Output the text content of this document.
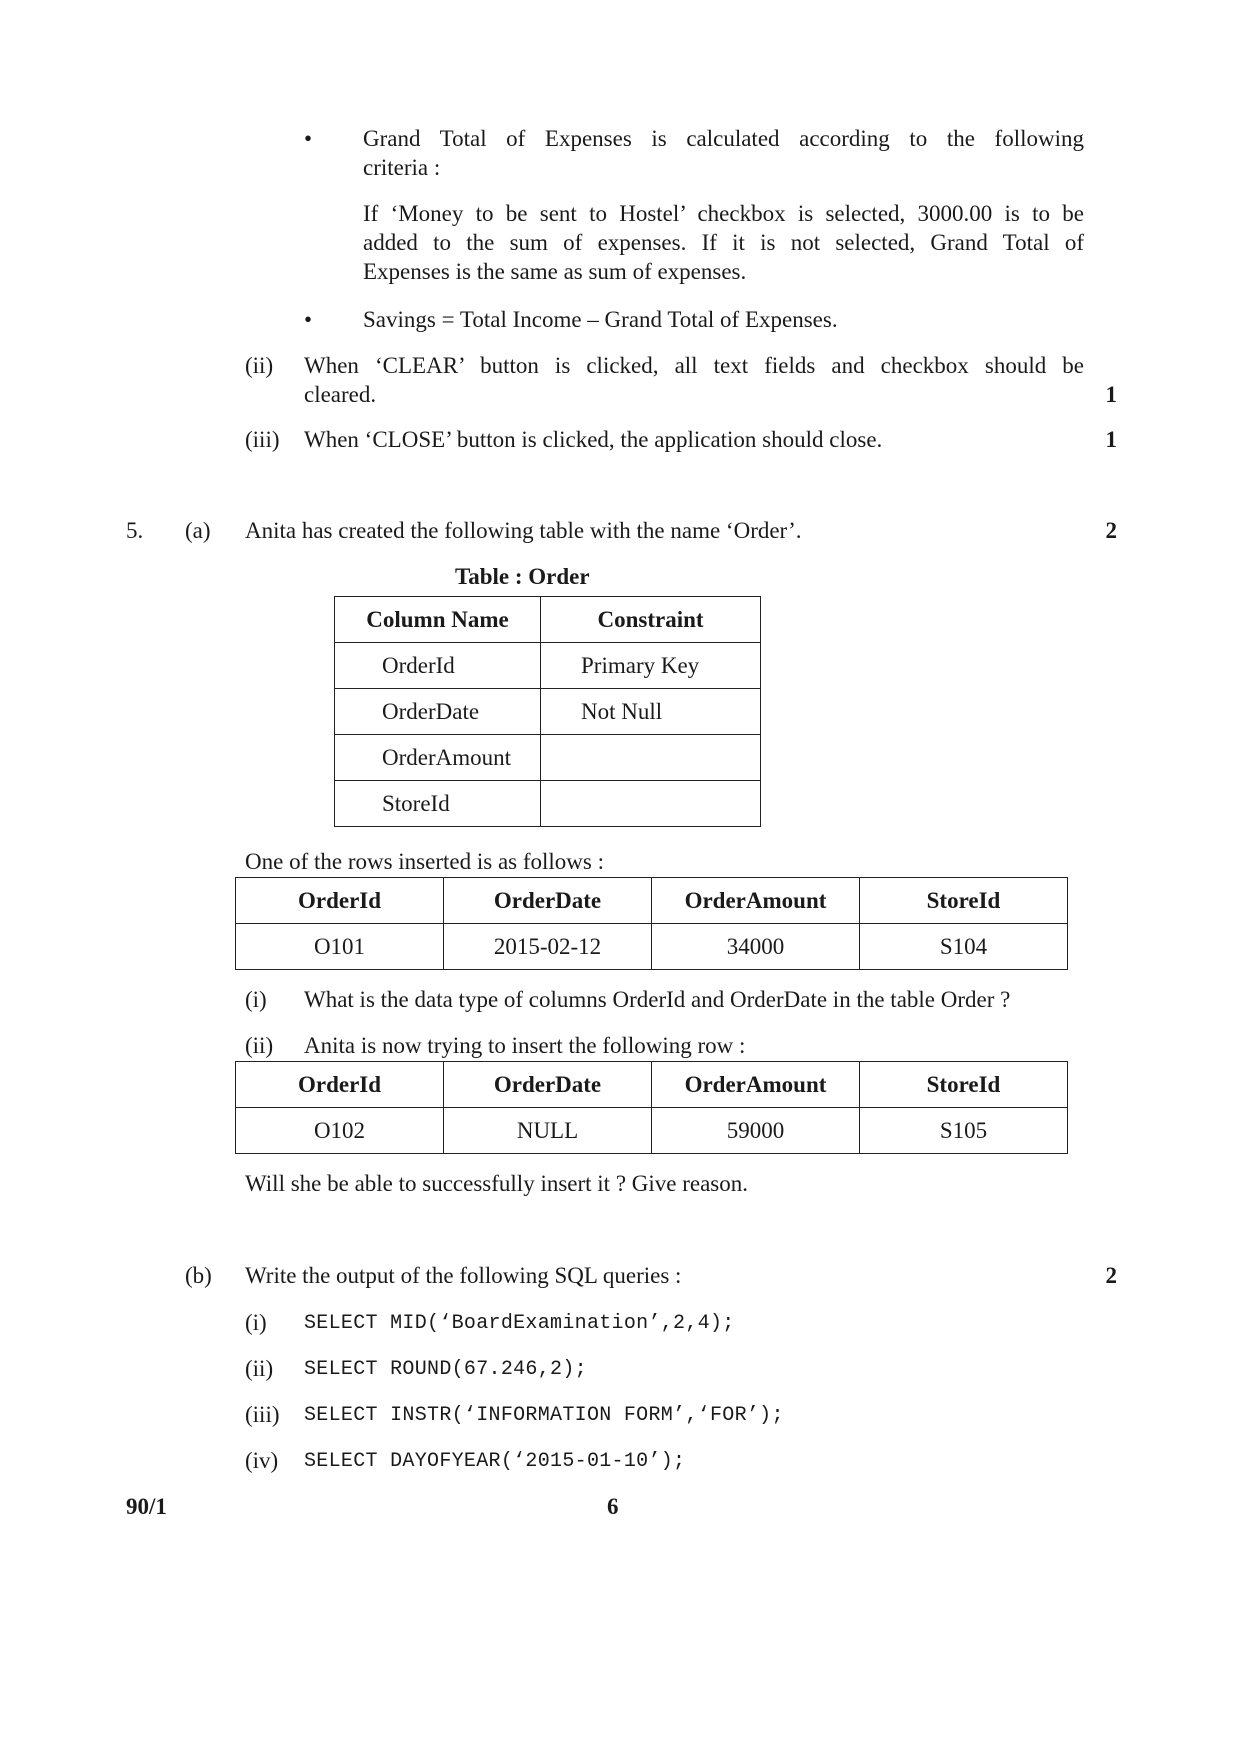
• Grand Total of Expenses is calculated according to the following
criteria :
If ‘Money to be sent to Hostel’ checkbox is selected, 3000.00 is to be
added to the sum of expenses. If it is not selected, Grand Total of
Expenses is the same as sum of expenses.
• Savings = Total Income – Grand Total of Expenses.
(ii) When ‘CLEAR’ button is clicked, all text fields and checkbox should be
cleared.	1
(iii) When ‘CLOSE’ button is clicked, the application should close.	1
5. (a) Anita has created the following table with the name ‘Order’.	2
Table : Order
Column Name	Constraint
OrderId	Primary Key
OrderDate	Not Null
OrderAmount	
StoreId	
One of the rows inserted is as follows :
OrderId	OrderDate	OrderAmount	StoreId
O101	2015-02-12	34000	S104
(i) What is the data type of columns OrderId and OrderDate in the table Order ?
(ii) Anita is now trying to insert the following row :
OrderId	OrderDate	OrderAmount	StoreId
O102	NULL	59000	S105
Will she be able to successfully insert it ? Give reason.
(b) Write the output of the following SQL queries :	2
(i) SELECT MID(‘BoardExamination’,2,4);
(ii) SELECT ROUND(67.246,2);
(iii) SELECT INSTR(‘INFORMATION FORM’,‘FOR’);
(iv) SELECT DAYOFYEAR(‘2015-01-10’);
90/1	6
